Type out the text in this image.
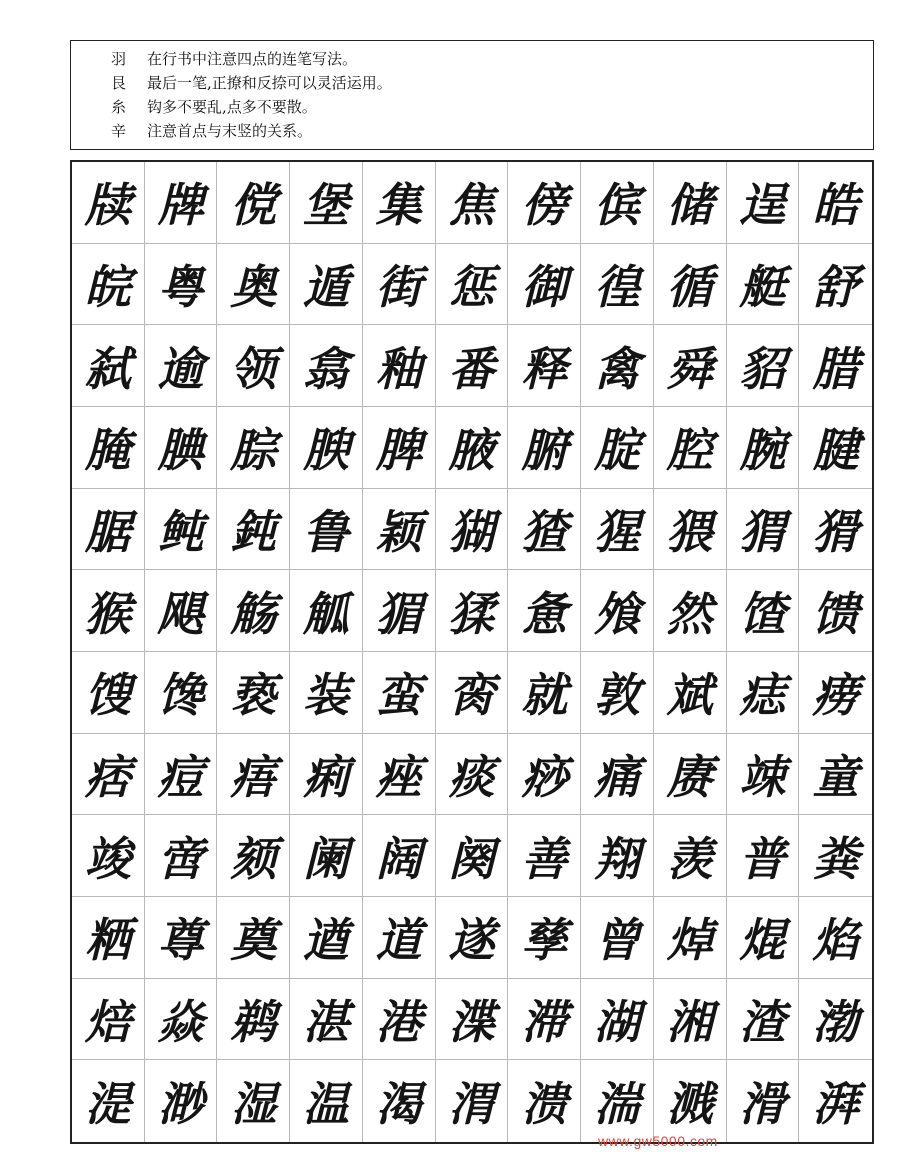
羽 在行书中注意四点的连笔写法。
艮 最后一笔,正撩和反捺可以灵活运用。
糸 钩多不要乱,点多不要散。
辛 注意首点与末竖的关系。
牍 牌 傥 堡 集 焦 傍 傧 储 逞 皓
皖 粤 奥 遁 街 惩 御 徨 循 艇 舒
弑 逾 领 翕 釉 番 释 禽 舜 貂 腊
腌 腆 腙 腴 脾 腋 腑 腚 腔 腕 腱
腒 鲀 鈍 鲁 颖 猢 猹 猩 猥 猬 猾
猴 飓 觞 觚 猸 猱 惫 飧 然 馇 馈
馊 馋 亵 装 蛮 脔 就 敦 斌 痣 痨
痞 痘 痦 痢 痤 痰 痧 痛 赓 竦 童
竣 啻 颏 阑 阔 阕 善 翔 羡 普 粪
粞 尊 奠 遒 道 遂 孳 曾 焯 焜 焰
焙 焱 鹈 湛 港 渫 滞 湖 湘 渣 渤
湜 渺 湿 温 渴 渭 溃 湍 溅 滑 湃
www.gw5000.com
